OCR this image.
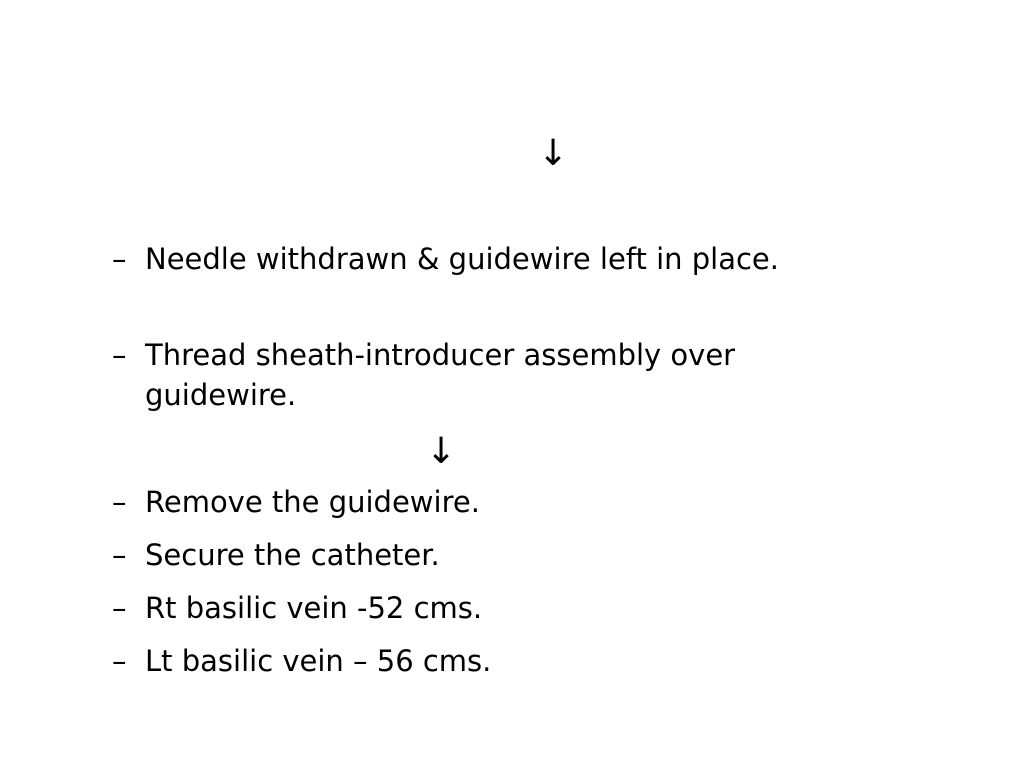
↓
– Needle withdrawn & guidewire left in place.
– Thread sheath-introducer assembly over guidewire.
↓
– Remove the guidewire.
– Secure the catheter.
– Rt basilic vein -52 cms.
– Lt basilic vein – 56 cms.
